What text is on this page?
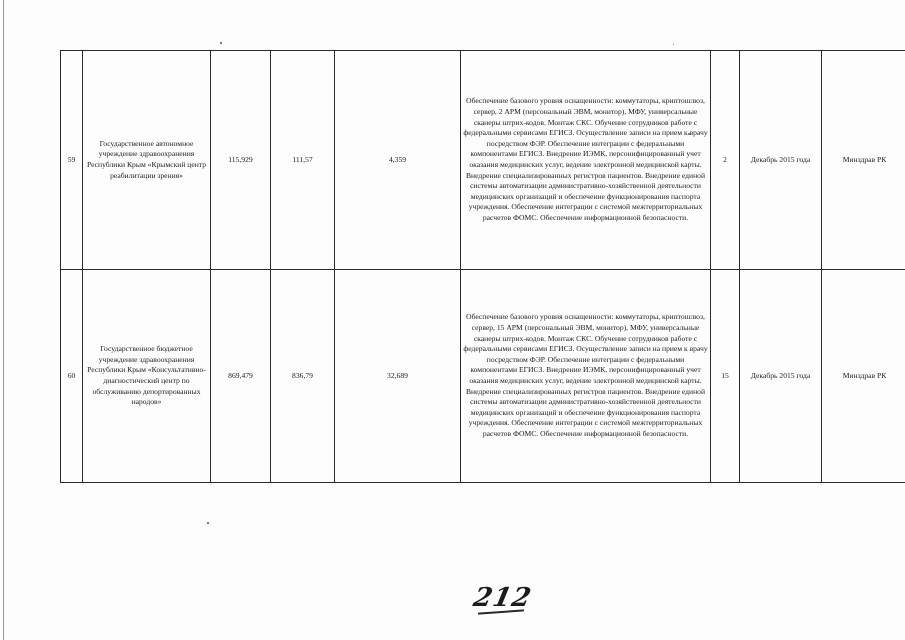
59	Государственное автономное учреждение здравоохранения Республики Крым «Крымский центр реабилитации зрения»	115,929	111,57	4,359	Обеспечение базового уровня оснащенности: коммутаторы, криптошлюз, сервер, 2 АРМ (персональный ЭВМ, монитор), МФУ, универсальные сканеры штрих-кодов. Монтаж СКС. Обучение сотрудников работе с федеральными сервисами ЕГИСЗ. Осуществление записи на прием к врачу посредством ФЭР. Обеспечение интеграции с федеральными компонентами ЕГИСЗ. Внедрение ИЭМК, персонифицированный учет оказания медицинских услуг, ведение электронной медицинской карты. Внедрение специализированных регистров пациентов. Внедрение единой системы автоматизации административно-хозяйственной деятельности медицинских организаций и обеспечение функционирования паспорта учреждения. Обеспечение интеграции с системой межтерриториальных расчетов ФОМС. Обеспечение информационной безопасности.	2	Декабрь 2015 года	Минздрав РК
60	Государственное бюджетное учреждение здравоохранения Республики Крым «Консультативно-диагностический центр по обслуживанию депортированных народов»	869,479	836,79	32,689	Обеспечение базового уровня оснащенности: коммутаторы, криптошлюз, сервер, 15 АРМ (персональный ЭВМ, монитор), МФУ, универсальные сканеры штрих-кодов. Монтаж СКС. Обучение сотрудников работе с федеральными сервисами ЕГИСЗ. Осуществление записи на прием к врачу посредством ФЭР. Обеспечение интеграции с федеральными компонентами ЕГИСЗ. Внедрение ИЭМК, персонифицированный учет оказания медицинских услуг, ведение электронной медицинской карты. Внедрение специализированных регистров пациентов. Внедрение единой системы автоматизации административно-хозяйственной деятельности медицинских организаций и обеспечение функционирования паспорта учреждения. Обеспечение интеграции с системой межтерриториальных расчетов ФОМС. Обеспечение информационной безопасности.	15	Декабрь 2015 года	Минздрав РК
212
